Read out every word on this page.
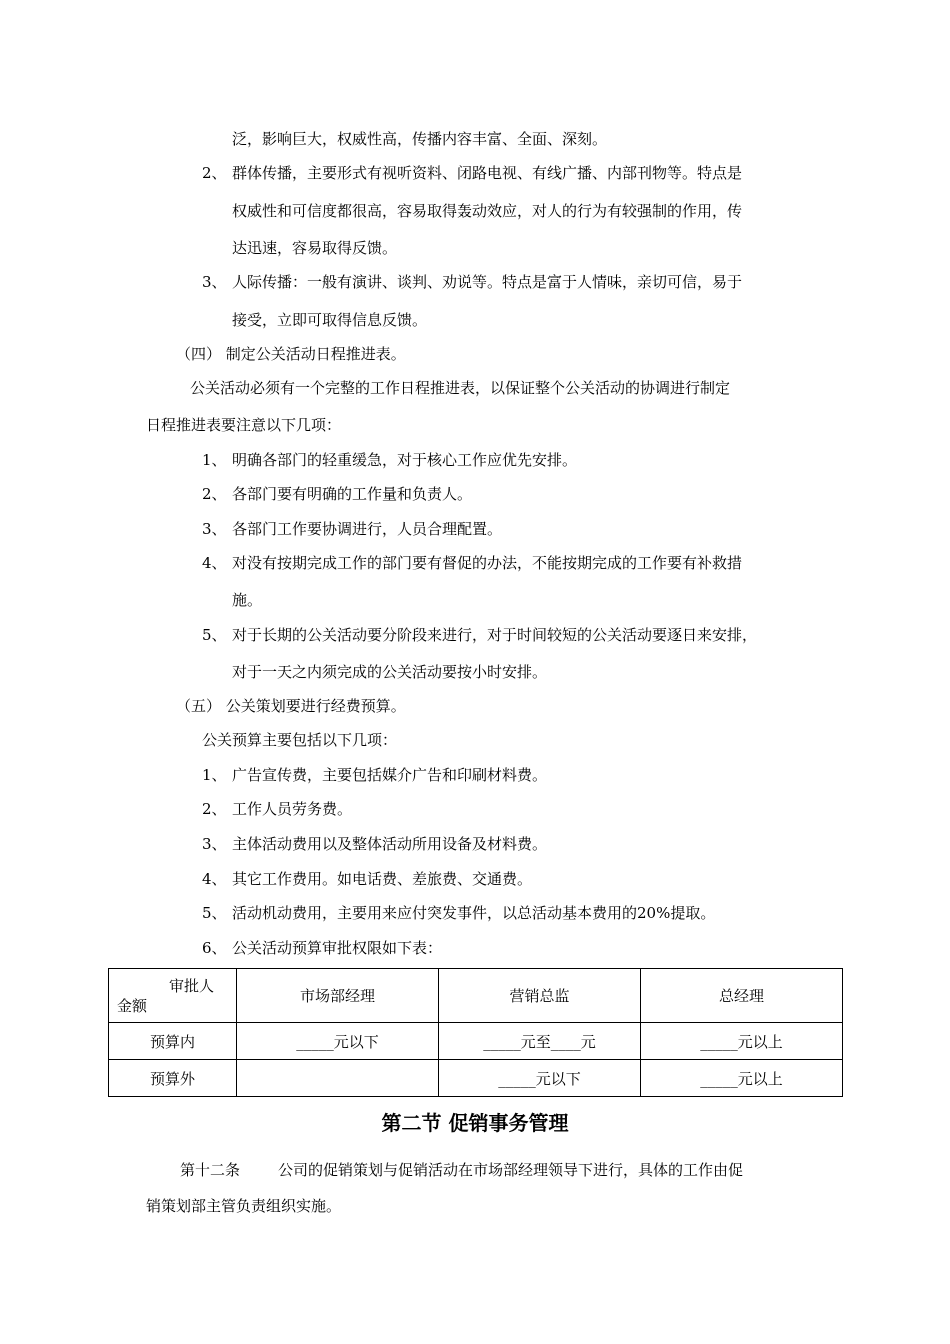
泛，影响巨大，权威性高，传播内容丰富、全面、深刻。
2、 群体传播，主要形式有视听资料、闭路电视、有线广播、内部刊物等。特点是
权威性和可信度都很高，容易取得轰动效应，对人的行为有较强制的作用，传
达迅速，容易取得反馈。
3、 人际传播：一般有演讲、谈判、劝说等。特点是富于人情味，亲切可信，易于
接受，立即可取得信息反馈。
（四） 制定公关活动日程推进表。
公关活动必须有一个完整的工作日程推进表，以保证整个公关活动的协调进行制定
日程推进表要注意以下几项：
1、 明确各部门的轻重缓急，对于核心工作应优先安排。
2、 各部门要有明确的工作量和负责人。
3、 各部门工作要协调进行，人员合理配置。
4、 对没有按期完成工作的部门要有督促的办法，不能按期完成的工作要有补救措
施。
5、 对于长期的公关活动要分阶段来进行，对于时间较短的公关活动要逐日来安排，
对于一天之内须完成的公关活动要按小时安排。
（五） 公关策划要进行经费预算。
公关预算主要包括以下几项：
1、 广告宣传费，主要包括媒介广告和印刷材料费。
2、 工作人员劳务费。
3、 主体活动费用以及整体活动所用设备及材料费。
4、 其它工作费用。如电话费、差旅费、交通费。
5、 活动机动费用，主要用来应付突发事件，以总活动基本费用的20%提取。
6、 公关活动预算审批权限如下表：
审批人
金额	市场部经理	营销总监	总经理
预算内	_____元以下	_____元至____元	_____元以上
预算外		_____元以下	_____元以上
第二节 促销事务管理
第十二条	公司的促销策划与促销活动在市场部经理领导下进行，具体的工作由促
销策划部主管负责组织实施。
